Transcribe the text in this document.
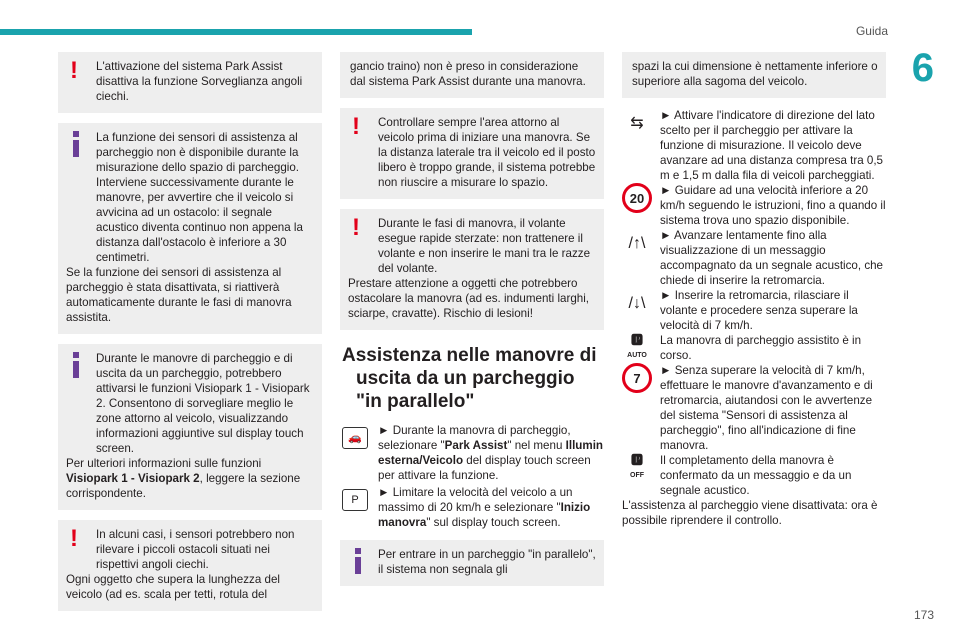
Guida
6
173
!	L'attivazione del sistema Park Assist disattiva la funzione Sorveglianza angoli ciechi.

La funzione dei sensori di assistenza al parcheggio non è disponibile durante la misurazione dello spazio di parcheggio. Interviene successivamente durante le manovre, per avvertire che il veicolo si avvicina ad un ostacolo: il segnale acustico diventa continuo non appena la distanza dall'ostacolo è inferiore a 30 centimetri.

Se la funzione dei sensori di assistenza al parcheggio è stata disattivata, si riattiverà automaticamente durante le fasi di manovra assistita.

Durante le manovre di parcheggio e di uscita da un parcheggio, potrebbero attivarsi le funzioni Visiopark 1 - Visiopark 2. Consentono di sorvegliare meglio le zone attorno al veicolo, visualizzando informazioni aggiuntive sul display touch screen.

Per ulteriori informazioni sulle funzioni Visiopark 1 - Visiopark 2, leggere la sezione corrispondente.

!	In alcuni casi, i sensori potrebbero non rilevare i piccoli ostacoli situati nei rispettivi angoli ciechi.

Ogni oggetto che supera la lunghezza del veicolo (ad es. scala per tetti, rotula del

gancio traino) non è preso in considerazione dal sistema Park Assist durante una manovra.

!	Controllare sempre l'area attorno al veicolo prima di iniziare una manovra. Se la distanza laterale tra il veicolo ed il posto libero è troppo grande, il sistema potrebbe non riuscire a misurare lo spazio.

!	Durante le fasi di manovra, il volante esegue rapide sterzate: non trattenere il volante e non inserire le mani tra le razze del volante.

Prestare attenzione a oggetti che potrebbero ostacolare la manovra (ad es. indumenti larghi, sciarpe, cravatte). Rischio di lesioni!

Assistenza nelle manovre di
uscita da un parcheggio "in parallelo"
🚗

► Durante la manovra di parcheggio, selezionare "Park Assist" nel menu Illumin esterna/Veicolo del display touch screen per attivare la funzione.

P

► Limitare la velocità del veicolo a un massimo di 20 km/h e selezionare "Inizio manovra" sul display touch screen.

Per entrare in un parcheggio "in parallelo", il sistema non segnala gli

spazi la cui dimensione è nettamente inferiore o superiore alla sagoma del veicolo.

⇆	► Attivare l'indicatore di direzione del lato scelto per il parcheggio per attivare la funzione di misurazione. Il veicolo deve avanzare ad una distanza compresa tra 0,5 m e 1,5 m dalla fila di veicoli parcheggiati.

20	► Guidare ad una velocità inferiore a 20 km/h seguendo le istruzioni, fino a quando il sistema trova uno spazio disponibile.

/↑\	► Avanzare lentamente fino alla visualizzazione di un messaggio accompagnato da un segnale acustico, che chiede di inserire la retromarcia.

/↓\	► Inserire la retromarcia, rilasciare il volante e procedere senza superare la velocità di 7 km/h.

🅿
AUTO

La manovra di parcheggio assistito è in corso.

7	► Senza superare la velocità di 7 km/h, effettuare le manovre d'avanzamento e di retromarcia, aiutandosi con le avvertenze del sistema "Sensori di assistenza al parcheggio", fino all'indicazione di fine manovra.

🅿
OFF

Il completamento della manovra è confermato da un messaggio e da un segnale acustico.

L'assistenza al parcheggio viene disattivata: ora è possibile riprendere il controllo.
